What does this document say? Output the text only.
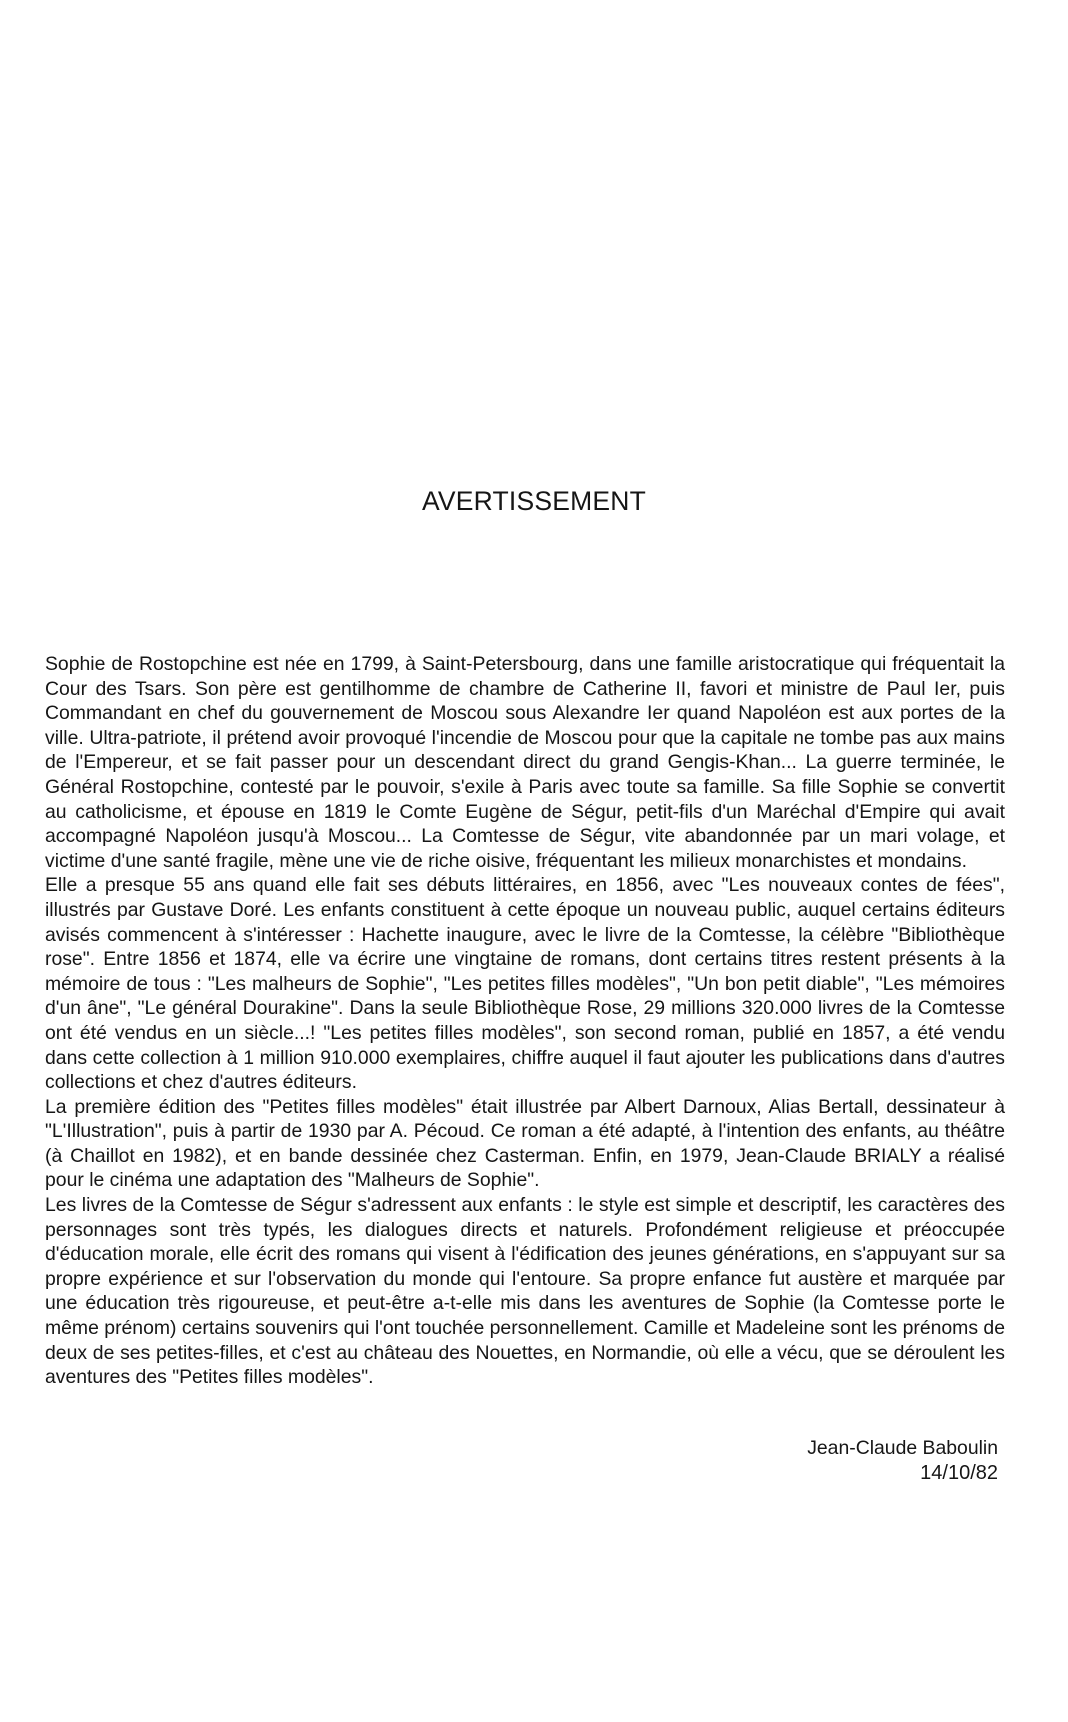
AVERTISSEMENT

Sophie de Rostopchine est née en 1799, à Saint-Petersbourg, dans une famille aristocratique qui fréquentait la Cour des Tsars. Son père est gentilhomme de chambre de Catherine II, favori et ministre de Paul Ier, puis Commandant en chef du gouvernement de Moscou sous Alexandre Ier quand Napoléon est aux portes de la ville. Ultra-patriote, il prétend avoir provoqué l'incendie de Moscou pour que la capitale ne tombe pas aux mains de l'Empereur, et se fait passer pour un descendant direct du grand Gengis-Khan... La guerre terminée, le Général Rostopchine, contesté par le pouvoir, s'exile à Paris avec toute sa famille. Sa fille Sophie se convertit au catholicisme, et épouse en 1819 le Comte Eugène de Ségur, petit-fils d'un Maréchal d'Empire qui avait accompagné Napoléon jusqu'à Moscou... La Comtesse de Ségur, vite abandonnée par un mari volage, et victime d'une santé fragile, mène une vie de riche oisive, fréquentant les milieux monarchistes et mondains.

Elle a presque 55 ans quand elle fait ses débuts littéraires, en 1856, avec "Les nouveaux contes de fées", illustrés par Gustave Doré. Les enfants constituent à cette époque un nouveau public, auquel certains éditeurs avisés commencent à s'intéresser : Hachette inaugure, avec le livre de la Comtesse, la célèbre "Bibliothèque rose". Entre 1856 et 1874, elle va écrire une vingtaine de romans, dont certains titres restent présents à la mémoire de tous : "Les malheurs de Sophie", "Les petites filles modèles", "Un bon petit diable", "Les mémoires d'un âne", "Le général Dourakine". Dans la seule Bibliothèque Rose, 29 millions 320.000 livres de la Comtesse ont été vendus en un siècle...! "Les petites filles modèles", son second roman, publié en 1857, a été vendu dans cette collection à 1 million 910.000 exemplaires, chiffre auquel il faut ajouter les publications dans d'autres collections et chez d'autres éditeurs.

La première édition des "Petites filles modèles" était illustrée par Albert Darnoux, Alias Bertall, dessinateur à "L'Illustration", puis à partir de 1930 par A. Pécoud. Ce roman a été adapté, à l'intention des enfants, au théâtre (à Chaillot en 1982), et en bande dessinée chez Casterman. Enfin, en 1979, Jean-Claude BRIALY a réalisé pour le cinéma une adaptation des "Malheurs de Sophie".

Les livres de la Comtesse de Ségur s'adressent aux enfants : le style est simple et descriptif, les caractères des personnages sont très typés, les dialogues directs et naturels. Profondément religieuse et préoccupée d'éducation morale, elle écrit des romans qui visent à l'édification des jeunes générations, en s'appuyant sur sa propre expérience et sur l'observation du monde qui l'entoure. Sa propre enfance fut austère et marquée par une éducation très rigoureuse, et peut-être a-t-elle mis dans les aventures de Sophie (la Comtesse porte le même prénom) certains souvenirs qui l'ont touchée personnellement. Camille et Madeleine sont les prénoms de deux de ses petites-filles, et c'est au château des Nouettes, en Normandie, où elle a vécu, que se déroulent les aventures des "Petites filles modèles".

Jean-Claude Baboulin
14/10/82
